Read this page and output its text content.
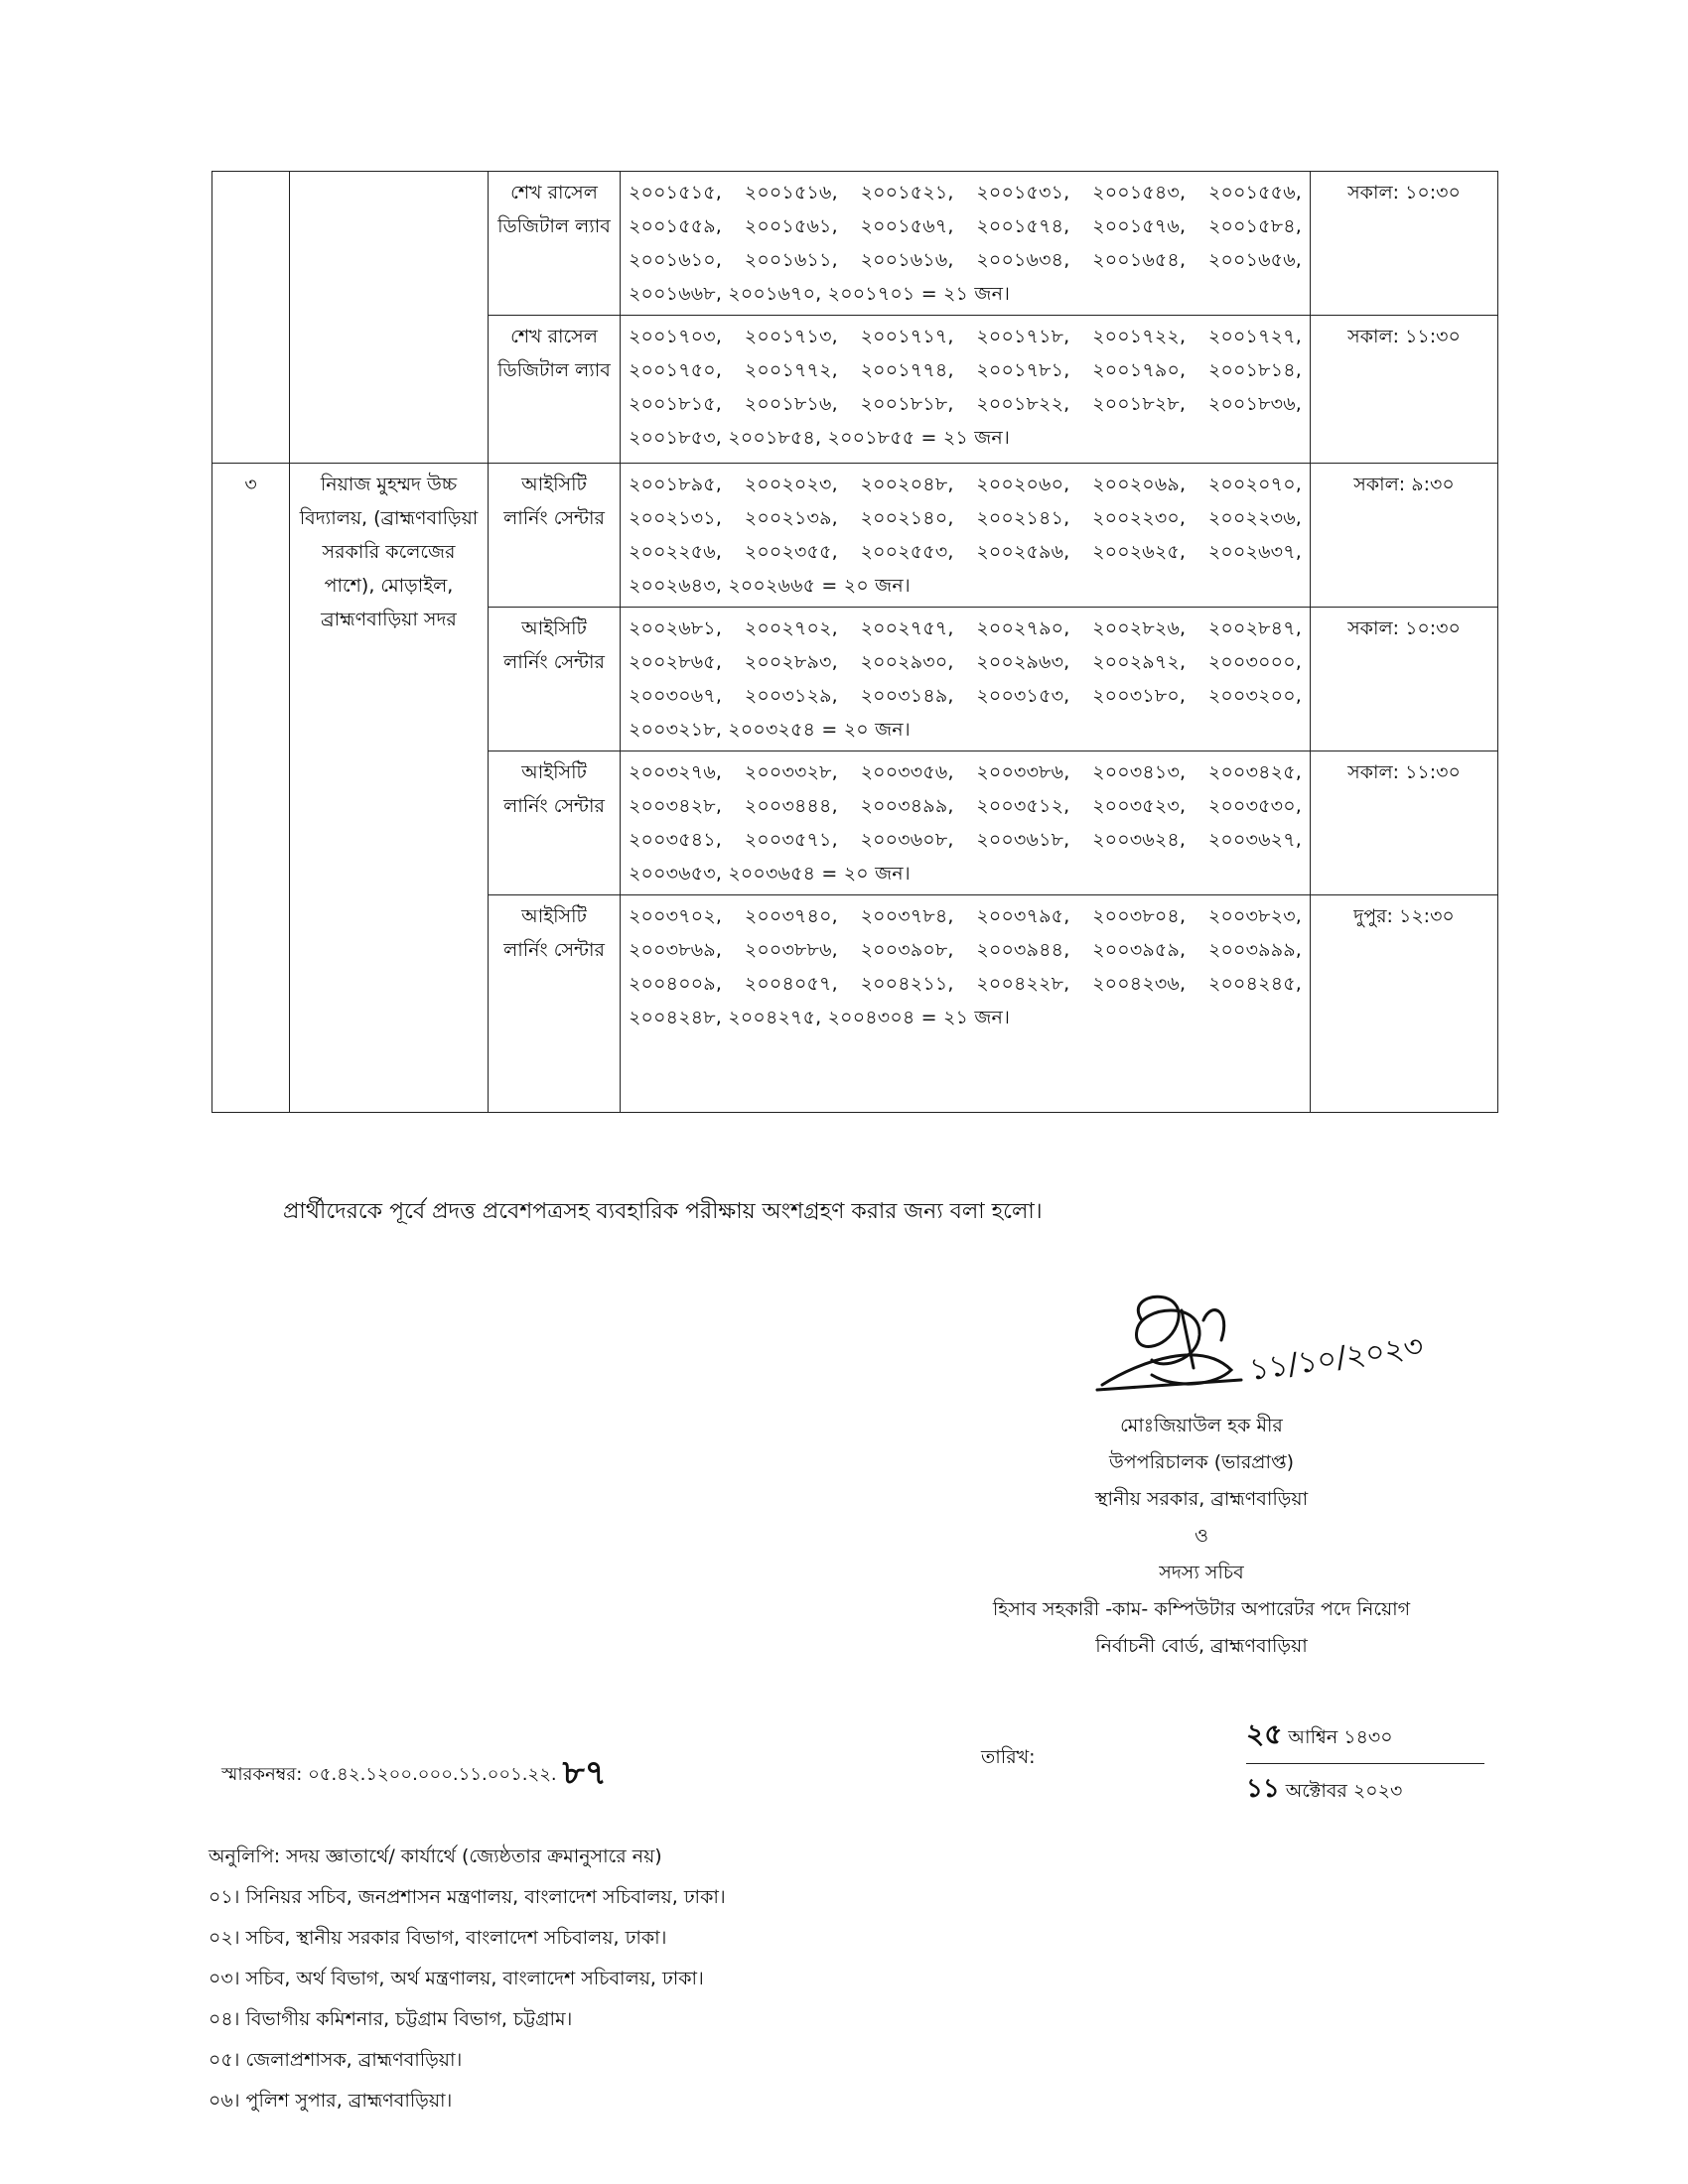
		শেখ রাসেল ডিজিটাল ল্যাব	২০০১৫১৫, ২০০১৫১৬, ২০০১৫২১, ২০০১৫৩১, ২০০১৫৪৩, ২০০১৫৫৬, ২০০১৫৫৯, ২০০১৫৬১, ২০০১৫৬৭, ২০০১৫৭৪, ২০০১৫৭৬, ২০০১৫৮৪, ২০০১৬১০, ২০০১৬১১, ২০০১৬১৬, ২০০১৬৩৪, ২০০১৬৫৪, ২০০১৬৫৬, ২০০১৬৬৮, ২০০১৬৭০, ২০০১৭০১ = ২১ জন।	সকাল: ১০:৩০
		শেখ রাসেল ডিজিটাল ল্যাব	২০০১৭০৩, ২০০১৭১৩, ২০০১৭১৭, ২০০১৭১৮, ২০০১৭২২, ২০০১৭২৭, ২০০১৭৫০, ২০০১৭৭২, ২০০১৭৭৪, ২০০১৭৮১, ২০০১৭৯০, ২০০১৮১৪, ২০০১৮১৫, ২০০১৮১৬, ২০০১৮১৮, ২০০১৮২২, ২০০১৮২৮, ২০০১৮৩৬, ২০০১৮৫৩, ২০০১৮৫৪, ২০০১৮৫৫ = ২১ জন।	সকাল: ১১:৩০
৩	নিয়াজ মুহম্মদ উচ্চ বিদ্যালয়, (ব্রাহ্মণবাড়িয়া সরকারি কলেজের পাশে), মোড়াইল, ব্রাহ্মণবাড়িয়া সদর	আইসিটি লার্নিং সেন্টার	২০০১৮৯৫, ২০০২০২৩, ২০০২০৪৮, ২০০২০৬০, ২০০২০৬৯, ২০০২০৭০, ২০০২১৩১, ২০০২১৩৯, ২০০২১৪০, ২০০২১৪১, ২০০২২৩০, ২০০২২৩৬, ২০০২২৫৬, ২০০২৩৫৫, ২০০২৫৫৩, ২০০২৫৯৬, ২০০২৬২৫, ২০০২৬৩৭, ২০০২৬৪৩, ২০০২৬৬৫ = ২০ জন।	সকাল: ৯:৩০
		আইসিটি লার্নিং সেন্টার	২০০২৬৮১, ২০০২৭০২, ২০০২৭৫৭, ২০০২৭৯০, ২০০২৮২৬, ২০০২৮৪৭, ২০০২৮৬৫, ২০০২৮৯৩, ২০০২৯৩০, ২০০২৯৬৩, ২০০২৯৭২, ২০০৩০০০, ২০০৩০৬৭, ২০০৩১২৯, ২০০৩১৪৯, ২০০৩১৫৩, ২০০৩১৮০, ২০০৩২০০, ২০০৩২১৮, ২০০৩২৫৪ = ২০ জন।	সকাল: ১০:৩০
		আইসিটি লার্নিং সেন্টার	২০০৩২৭৬, ২০০৩৩২৮, ২০০৩৩৫৬, ২০০৩৩৮৬, ২০০৩৪১৩, ২০০৩৪২৫, ২০০৩৪২৮, ২০০৩৪৪৪, ২০০৩৪৯৯, ২০০৩৫১২, ২০০৩৫২৩, ২০০৩৫৩০, ২০০৩৫৪১, ২০০৩৫৭১, ২০০৩৬০৮, ২০০৩৬১৮, ২০০৩৬২৪, ২০০৩৬২৭, ২০০৩৬৫৩, ২০০৩৬৫৪ = ২০ জন।	সকাল: ১১:৩০
		আইসিটি লার্নিং সেন্টার	২০০৩৭০২, ২০০৩৭৪০, ২০০৩৭৮৪, ২০০৩৭৯৫, ২০০৩৮০৪, ২০০৩৮২৩, ২০০৩৮৬৯, ২০০৩৮৮৬, ২০০৩৯০৮, ২০০৩৯৪৪, ২০০৩৯৫৯, ২০০৩৯৯৯, ২০০৪০০৯, ২০০৪০৫৭, ২০০৪২১১, ২০০৪২২৮, ২০০৪২৩৬, ২০০৪২৪৫, ২০০৪২৪৮, ২০০৪২৭৫, ২০০৪৩০৪ = ২১ জন।	দুপুর: ১২:৩০
প্রার্থীদেরকে পূর্বে প্রদত্ত প্রবেশপত্রসহ ব্যবহারিক পরীক্ষায় অংশগ্রহণ করার জন্য বলা হলো।
১১/১০/২০২৩
মোঃজিয়াউল হক মীর
উপপরিচালক (ভারপ্রাপ্ত)
স্থানীয় সরকার, ব্রাহ্মণবাড়িয়া
ও
সদস্য সচিব
হিসাব সহকারী -কাম- কম্পিউটার অপারেটর পদে নিয়োগ
নির্বাচনী বোর্ড, ব্রাহ্মণবাড়িয়া
স্মারকনম্বর: ০৫.৪২.১২০০.০০০.১১.০০১.২২. ৮৭	তারিখ:
২৫ আশ্বিন ১৪৩০
১১ অক্টোবর ২০২৩
অনুলিপি: সদয় জ্ঞাতার্থে/ কার্যার্থে (জ্যেষ্ঠতার ক্রমানুসারে নয়)
০১। সিনিয়র সচিব, জনপ্রশাসন মন্ত্রণালয়, বাংলাদেশ সচিবালয়, ঢাকা।
০২। সচিব, স্থানীয় সরকার বিভাগ, বাংলাদেশ সচিবালয়, ঢাকা।
০৩। সচিব, অর্থ বিভাগ, অর্থ মন্ত্রণালয়, বাংলাদেশ সচিবালয়, ঢাকা।
০৪। বিভাগীয় কমিশনার, চট্টগ্রাম বিভাগ, চট্টগ্রাম।
০৫। জেলাপ্রশাসক, ব্রাহ্মণবাড়িয়া।
০৬। পুলিশ সুপার, ব্রাহ্মণবাড়িয়া।
